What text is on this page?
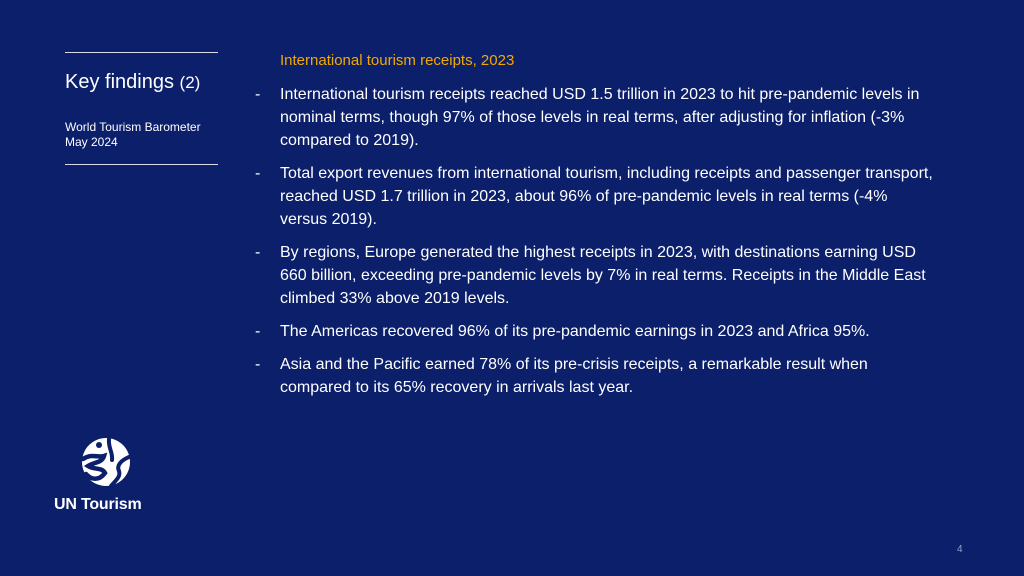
Key findings (2)
World Tourism Barometer
May 2024
International tourism receipts, 2023
-	International tourism receipts reached USD 1.5 trillion in 2023 to hit pre-pandemic levels in nominal terms, though 97% of those levels in real terms, after adjusting for inflation (-3% compared to 2019).
-	Total export revenues from international tourism, including receipts and passenger transport, reached USD 1.7 trillion in 2023, about 96% of pre-pandemic levels in real terms (-4% versus 2019).
-	By regions, Europe generated the highest receipts in 2023, with destinations earning USD 660 billion, exceeding pre-pandemic levels by 7% in real terms. Receipts in the Middle East climbed 33% above 2019 levels.
-	The Americas recovered 96% of its pre-pandemic earnings in 2023 and Africa 95%.
-	Asia and the Pacific earned 78% of its pre-crisis receipts, a remarkable result when compared to its 65% recovery in arrivals last year.
UN Tourism
4
